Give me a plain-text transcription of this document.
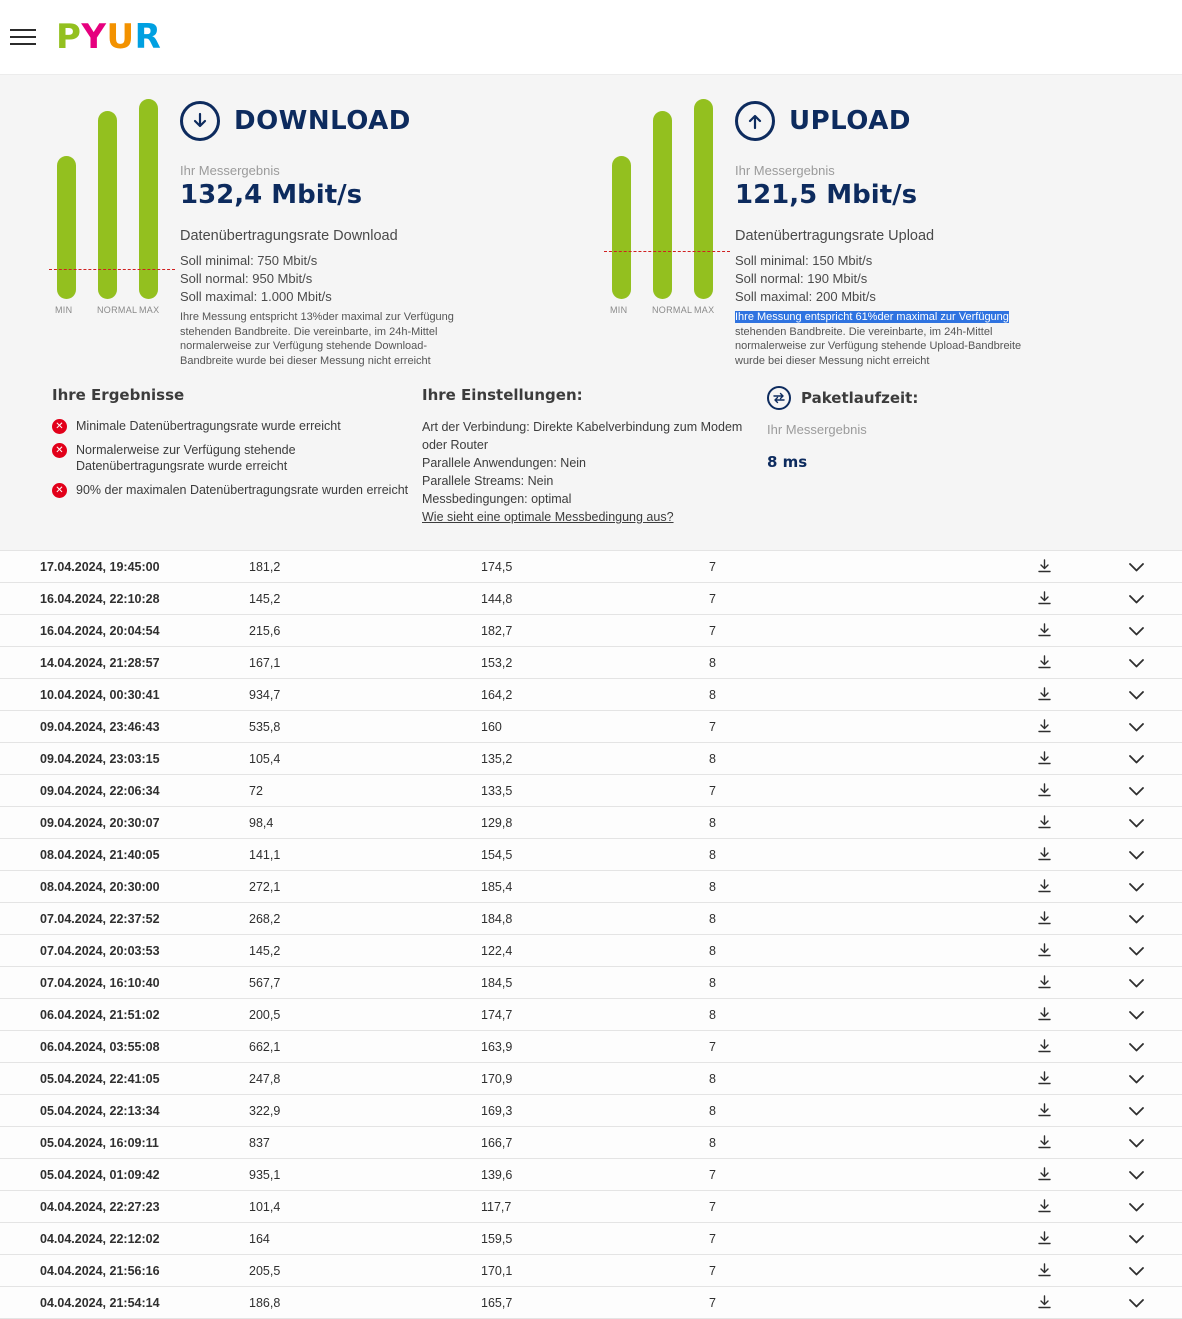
PYUR
MIN	NORMAL MAX
DOWNLOAD
Ihr Messergebnis
132,4 Mbit/s
Datenübertragungsrate Download
Soll minimal: 750 Mbit/s
Soll normal: 950 Mbit/s
Soll maximal: 1.000 Mbit/s
Ihre Messung entspricht 13%der maximal zur Verfügung stehenden Bandbreite. Die vereinbarte, im 24h-Mittel normalerweise zur Verfügung stehende Download-Bandbreite wurde bei dieser Messung nicht erreicht
MIN	NORMAL MAX
UPLOAD
Ihr Messergebnis
121,5 Mbit/s
Datenübertragungsrate Upload
Soll minimal: 150 Mbit/s
Soll normal: 190 Mbit/s
Soll maximal: 200 Mbit/s
Ihre Messung entspricht 61%der maximal zur Verfügung stehenden Bandbreite. Die vereinbarte, im 24h-Mittel normalerweise zur Verfügung stehende Upload-Bandbreite wurde bei dieser Messung nicht erreicht
Ihre Ergebnisse
✕ Minimale Datenübertragungsrate wurde erreicht
✕ Normalerweise zur Verfügung stehende Datenübertragungsrate wurde erreicht
✕ 90% der maximalen Datenübertragungsrate wurden erreicht
Ihre Einstellungen:
Art der Verbindung: Direkte Kabelverbindung zum Modem oder Router
Parallele Anwendungen: Nein
Parallele Streams: Nein
Messbedingungen: optimal
Wie sieht eine optimale Messbedingung aus?
Paketlaufzeit:
Ihr Messergebnis
8 ms
17.04.2024, 19:45:00	181,2	174,5	7		
16.04.2024, 22:10:28	145,2	144,8	7		
16.04.2024, 20:04:54	215,6	182,7	7		
14.04.2024, 21:28:57	167,1	153,2	8		
10.04.2024, 00:30:41	934,7	164,2	8		
09.04.2024, 23:46:43	535,8	160	7		
09.04.2024, 23:03:15	105,4	135,2	8		
09.04.2024, 22:06:34	72	133,5	7		
09.04.2024, 20:30:07	98,4	129,8	8		
08.04.2024, 21:40:05	141,1	154,5	8		
08.04.2024, 20:30:00	272,1	185,4	8		
07.04.2024, 22:37:52	268,2	184,8	8		
07.04.2024, 20:03:53	145,2	122,4	8		
07.04.2024, 16:10:40	567,7	184,5	8		
06.04.2024, 21:51:02	200,5	174,7	8		
06.04.2024, 03:55:08	662,1	163,9	7		
05.04.2024, 22:41:05	247,8	170,9	8		
05.04.2024, 22:13:34	322,9	169,3	8		
05.04.2024, 16:09:11	837	166,7	8		
05.04.2024, 01:09:42	935,1	139,6	7		
04.04.2024, 22:27:23	101,4	117,7	7		
04.04.2024, 22:12:02	164	159,5	7		
04.04.2024, 21:56:16	205,5	170,1	7		
04.04.2024, 21:54:14	186,8	165,7	7		
